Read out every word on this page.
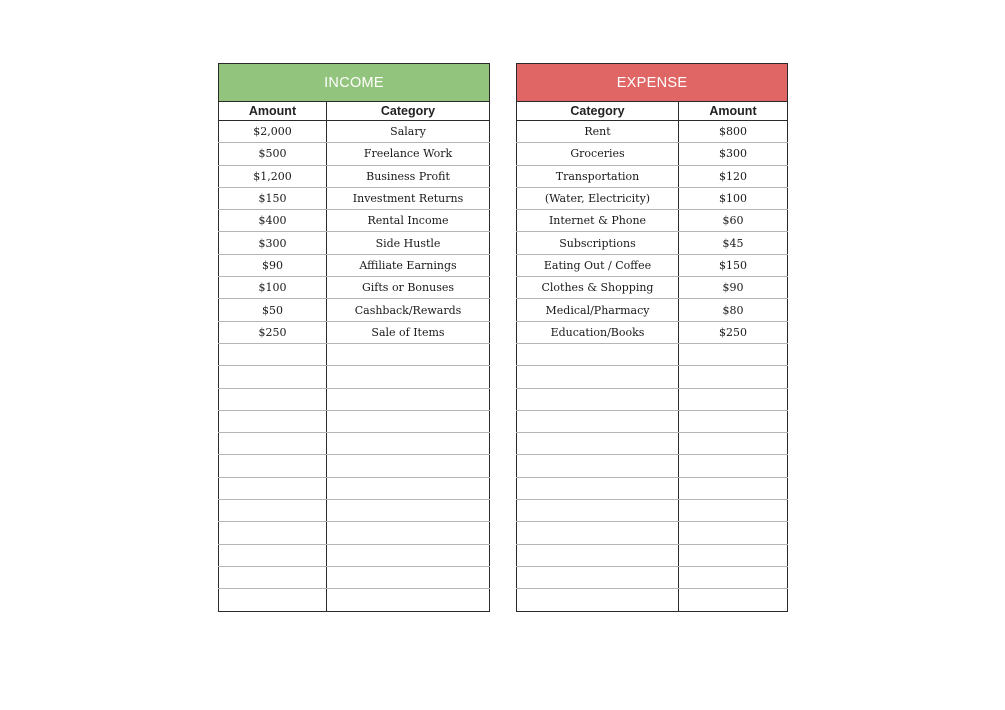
INCOME	
Amount	Category
$2,000	Salary
$500	Freelance Work
$1,200	Business Profit
$150	Investment Returns
$400	Rental Income
$300	Side Hustle
$90	Affiliate Earnings
$100	Gifts or Bonuses
$50	Cashback/Rewards
$250	Sale of Items

EXPENSE	
Category	Amount
Rent	$800
Groceries	$300
Transportation	$120
(Water, Electricity)	$100
Internet & Phone	$60
Subscriptions	$45
Eating Out / Coffee	$150
Clothes & Shopping	$90
Medical/Pharmacy	$80
Education/Books	$250
